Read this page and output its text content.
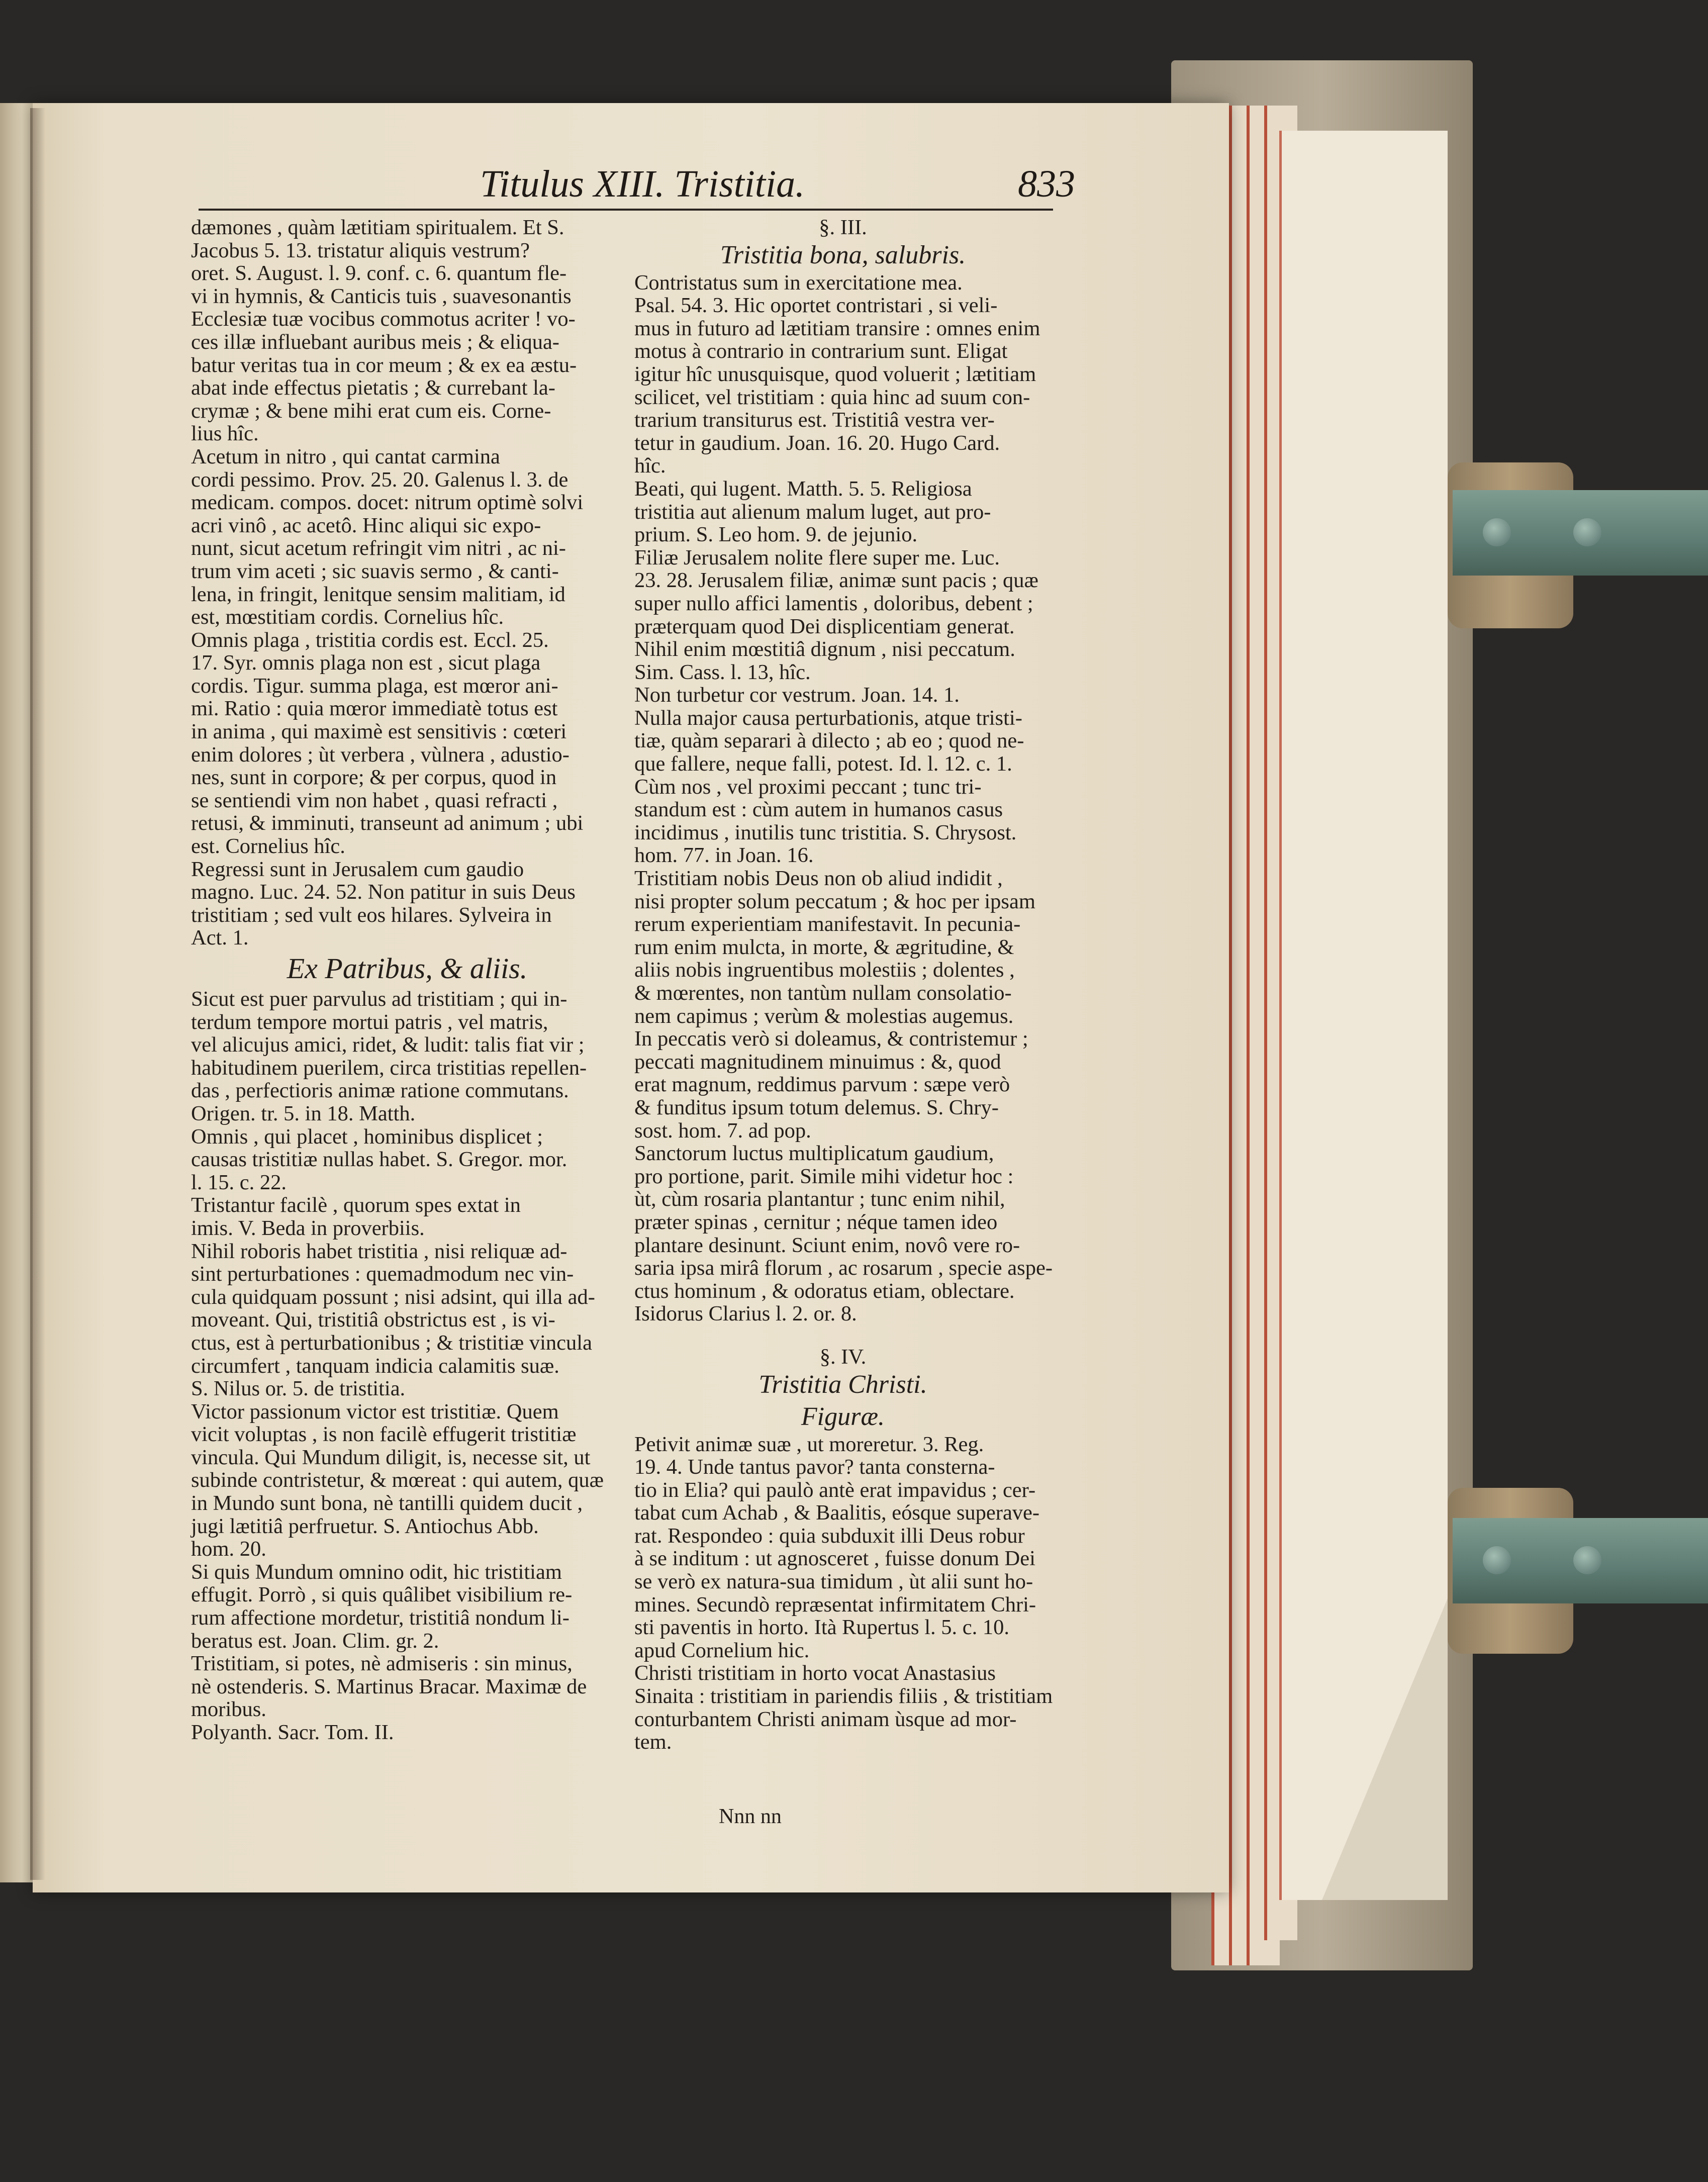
Titulus XIII. Tristitia.	833

dæmones , quàm lætitiam spiritualem. Et S.

Jacobus 5. 13. tristatur aliquis vestrum?

oret. S. August. l. 9. conf. c. 6. quantum fle-

vi in hymnis, & Canticis tuis , suavesonantis

Ecclesiæ tuæ vocibus commotus acriter ! vo-

ces illæ influebant auribus meis ; & eliqua-

batur veritas tua in cor meum ; & ex ea æstu-

abat inde effectus pietatis ; & currebant la-

crymæ ; & bene mihi erat cum eis. Corne-

lius hîc.

Acetum in nitro , qui cantat carmina

cordi pessimo. Prov. 25. 20. Galenus l. 3. de

medicam. compos. docet: nitrum optimè solvi

acri vinô , ac acetô. Hinc aliqui sic expo-

nunt, sicut acetum refringit vim nitri , ac ni-

trum vim aceti ; sic suavis sermo , & canti-

lena, in fringit, lenitque sensim malitiam, id

est, mœstitiam cordis. Cornelius hîc.

Omnis plaga , tristitia cordis est. Eccl. 25.

17. Syr. omnis plaga non est , sicut plaga

cordis. Tigur. summa plaga, est mœror ani-

mi. Ratio : quia mœror immediatè totus est

in anima , qui maximè est sensitivis : cœteri

enim dolores ; ùt verbera , vùlnera , adustio-

nes, sunt in corpore; & per corpus, quod in

se sentiendi vim non habet , quasi refracti ,

retusi, & imminuti, transeunt ad animum ; ubi

est. Cornelius hîc.

Regressi sunt in Jerusalem cum gaudio

magno. Luc. 24. 52. Non patitur in suis Deus

tristitiam ; sed vult eos hilares. Sylveira in

Act. 1.

Ex Patribus, & aliis.

Sicut est puer parvulus ad tristitiam ; qui in-

terdum tempore mortui patris , vel matris,

vel alicujus amici, ridet, & ludit: talis fiat vir ;

habitudinem puerilem, circa tristitias repellen-

das , perfectioris animæ ratione commutans.

Origen. tr. 5. in 18. Matth.

Omnis , qui placet , hominibus displicet ;

causas tristitiæ nullas habet. S. Gregor. mor.

l. 15. c. 22.

Tristantur facilè , quorum spes extat in

imis. V. Beda in proverbiis.

Nihil roboris habet tristitia , nisi reliquæ ad-

sint perturbationes : quemadmodum nec vin-

cula quidquam possunt ; nisi adsint, qui illa ad-

moveant. Qui, tristitiâ obstrictus est , is vi-

ctus, est à perturbationibus ; & tristitiæ vincula

circumfert , tanquam indicia calamitis suæ.

S. Nilus or. 5. de tristitia.

Victor passionum victor est tristitiæ. Quem

vicit voluptas , is non facilè effugerit tristitiæ

vincula. Qui Mundum diligit, is, necesse sit, ut

subinde contristetur, & mœreat : qui autem, quæ

in Mundo sunt bona, nè tantilli quidem ducit ,

jugi lætitiâ perfruetur. S. Antiochus Abb.

hom. 20.

Si quis Mundum omnino odit, hic tristitiam

effugit. Porrò , si quis quâlibet visibilium re-

rum affectione mordetur, tristitiâ nondum li-

beratus est. Joan. Clim. gr. 2.

Tristitiam, si potes, nè admiseris : sin minus,

nè ostenderis. S. Martinus Bracar. Maximæ de

moribus.

Polyanth. Sacr. Tom. II.

§. III.

Tristitia bona, salubris.

Contristatus sum in exercitatione mea.

Psal. 54. 3. Hic oportet contristari , si veli-

mus in futuro ad lætitiam transire : omnes enim

motus à contrario in contrarium sunt. Eligat

igitur hîc unusquisque, quod voluerit ; lætitiam

scilicet, vel tristitiam : quia hinc ad suum con-

trarium transiturus est. Tristitiâ vestra ver-

tetur in gaudium. Joan. 16. 20. Hugo Card.

hîc.

Beati, qui lugent. Matth. 5. 5. Religiosa

tristitia aut alienum malum luget, aut pro-

prium. S. Leo hom. 9. de jejunio.

Filiæ Jerusalem nolite flere super me. Luc.

23. 28. Jerusalem filiæ, animæ sunt pacis ; quæ

super nullo affici lamentis , doloribus, debent ;

præterquam quod Dei displicentiam generat.

Nihil enim mœstitiâ dignum , nisi peccatum.

Sim. Cass. l. 13, hîc.

Non turbetur cor vestrum. Joan. 14. 1.

Nulla major causa perturbationis, atque tristi-

tiæ, quàm separari à dilecto ; ab eo ; quod ne-

que fallere, neque falli, potest. Id. l. 12. c. 1.

Cùm nos , vel proximi peccant ; tunc tri-

standum est : cùm autem in humanos casus

incidimus , inutilis tunc tristitia. S. Chrysost.

hom. 77. in Joan. 16.

Tristitiam nobis Deus non ob aliud indidit ,

nisi propter solum peccatum ; & hoc per ipsam

rerum experientiam manifestavit. In pecunia-

rum enim mulcta, in morte, & ægritudine, &

aliis nobis ingruentibus molestiis ; dolentes ,

& mœrentes, non tantùm nullam consolatio-

nem capimus ; verùm & molestias augemus.

In peccatis verò si doleamus, & contristemur ;

peccati magnitudinem minuimus : &, quod

erat magnum, reddimus parvum : sæpe verò

& funditus ipsum totum delemus. S. Chry-

sost. hom. 7. ad pop.

Sanctorum luctus multiplicatum gaudium,

pro portione, parit. Simile mihi videtur hoc :

ùt, cùm rosaria plantantur ; tunc enim nihil,

præter spinas , cernitur ; néque tamen ideo

plantare desinunt. Sciunt enim, novô vere ro-

saria ipsa mirâ florum , ac rosarum , specie aspe-

ctus hominum , & odoratus etiam, oblectare.

Isidorus Clarius l. 2. or. 8.

§. IV.

Tristitia Christi.

Figuræ.

Petivit animæ suæ , ut moreretur. 3. Reg.

19. 4. Unde tantus pavor? tanta consterna-

tio in Elia? qui paulò antè erat impavidus ; cer-

tabat cum Achab , & Baalitis, eósque superave-

rat. Respondeo : quia subduxit illi Deus robur

à se inditum : ut agnosceret , fuisse donum Dei

se verò ex natura-sua timidum , ùt alii sunt ho-

mines. Secundò repræsentat infirmitatem Chri-

sti paventis in horto. Ità Rupertus l. 5. c. 10.

apud Cornelium hic.

Christi tristitiam in horto vocat Anastasius

Sinaita : tristitiam in pariendis filiis , & tristitiam

conturbantem Christi animam ùsque ad mor-

tem.

Nnn nn
